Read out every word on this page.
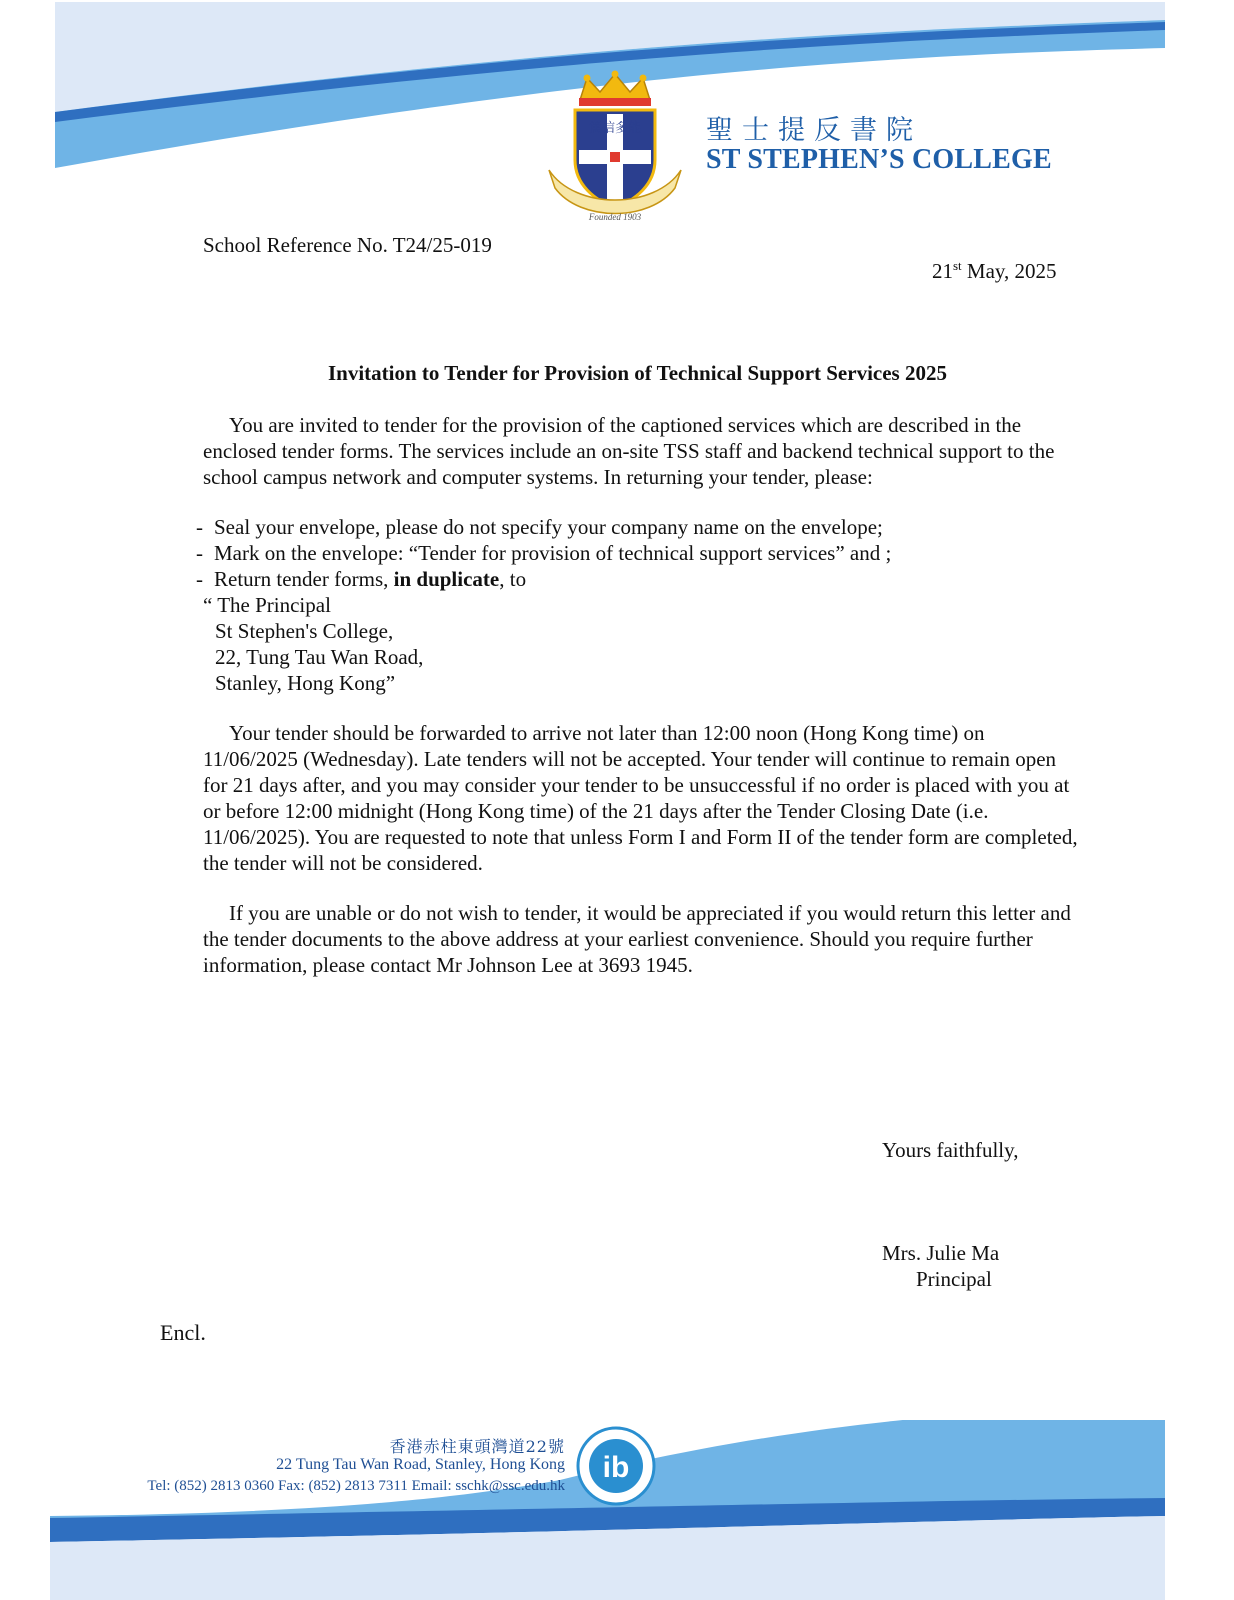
篤信多能
Founded 1903
聖士提反書院
ST STEPHEN’S COLLEGE
School Reference No. T24/25-019
21st May, 2025
Invitation to Tender for Provision of Technical Support Services 2025
You are invited to tender for the provision of the captioned services which are described in the enclosed tender forms. The services include an on-site TSS staff and backend technical support to the school campus network and computer systems. In returning your tender, please:
- Seal your envelope, please do not specify your company name on the envelope;
- Mark on the envelope: “Tender for provision of technical support services” and ;
- Return tender forms, in duplicate, to
“ The Principal
St Stephen's College,
22, Tung Tau Wan Road,
Stanley, Hong Kong”
Your tender should be forwarded to arrive not later than 12:00 noon (Hong Kong time) on 11/06/2025 (Wednesday). Late tenders will not be accepted. Your tender will continue to remain open for 21 days after, and you may consider your tender to be unsuccessful if no order is placed with you at or before 12:00 midnight (Hong Kong time) of the 21 days after the Tender Closing Date (i.e. 11/06/2025). You are requested to note that unless Form I and Form II of the tender form are completed, the tender will not be considered.
If you are unable or do not wish to tender, it would be appreciated if you would return this letter and the tender documents to the above address at your earliest convenience. Should you require further information, please contact Mr Johnson Lee at 3693 1945.
Yours faithfully,
Mrs. Julie Ma
Principal
Encl.
香港赤柱東頭灣道22號
22 Tung Tau Wan Road, Stanley, Hong Kong
Tel: (852) 2813 0360 Fax: (852) 2813 7311 Email: sschk@ssc.edu.hk
ib
